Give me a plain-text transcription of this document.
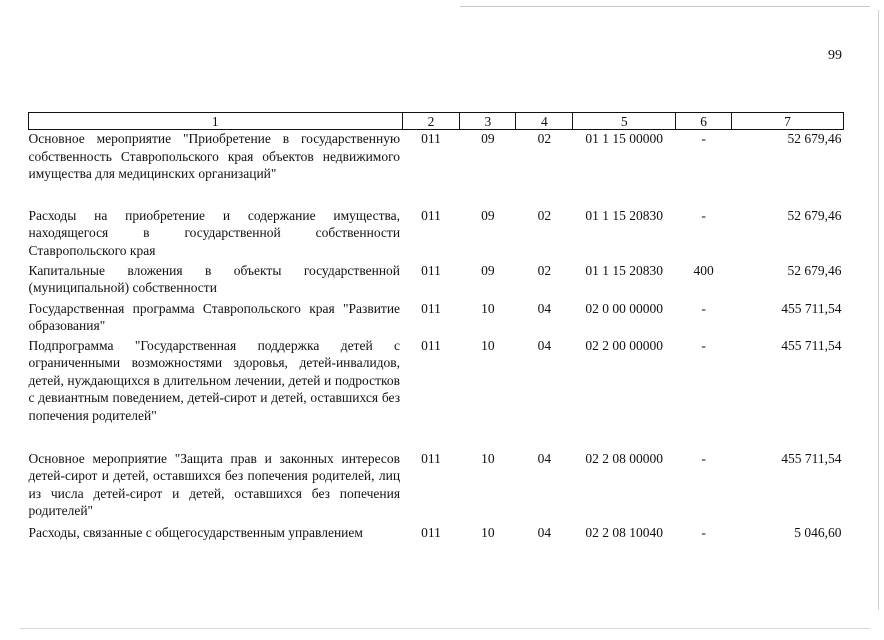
99
1	2	3	4	5	6	7
Основное мероприятие "Приобретение в государственную собственность Ставропольского края объектов недвижимого имущества для медицинских организаций"	011	09	02	01 1 15 00000	-	52 679,46
Расходы на приобретение и содержание имущества, находящегося в государственной собственности Ставропольского края	011	09	02	01 1 15 20830	-	52 679,46
Капитальные вложения в объекты государственной (муниципальной) собственности	011	09	02	01 1 15 20830	400	52 679,46
Государственная программа Ставропольского края "Развитие образования"	011	10	04	02 0 00 00000	-	455 711,54
Подпрограмма "Государственная поддержка детей с ограниченными возможностями здоровья, детей-инвалидов, детей, нуждающихся в длительном лечении, детей и подростков с девиантным поведением, детей-сирот и детей, оставшихся без попечения родителей"	011	10	04	02 2 00 00000	-	455 711,54
Основное мероприятие "Защита прав и законных интересов детей-сирот и детей, оставшихся без попечения родителей, лиц из числа детей-сирот и детей, оставшихся без попечения родителей"	011	10	04	02 2 08 00000	-	455 711,54
Расходы, связанные с общегосударственным управлением	011	10	04	02 2 08 10040	-	5 046,60
